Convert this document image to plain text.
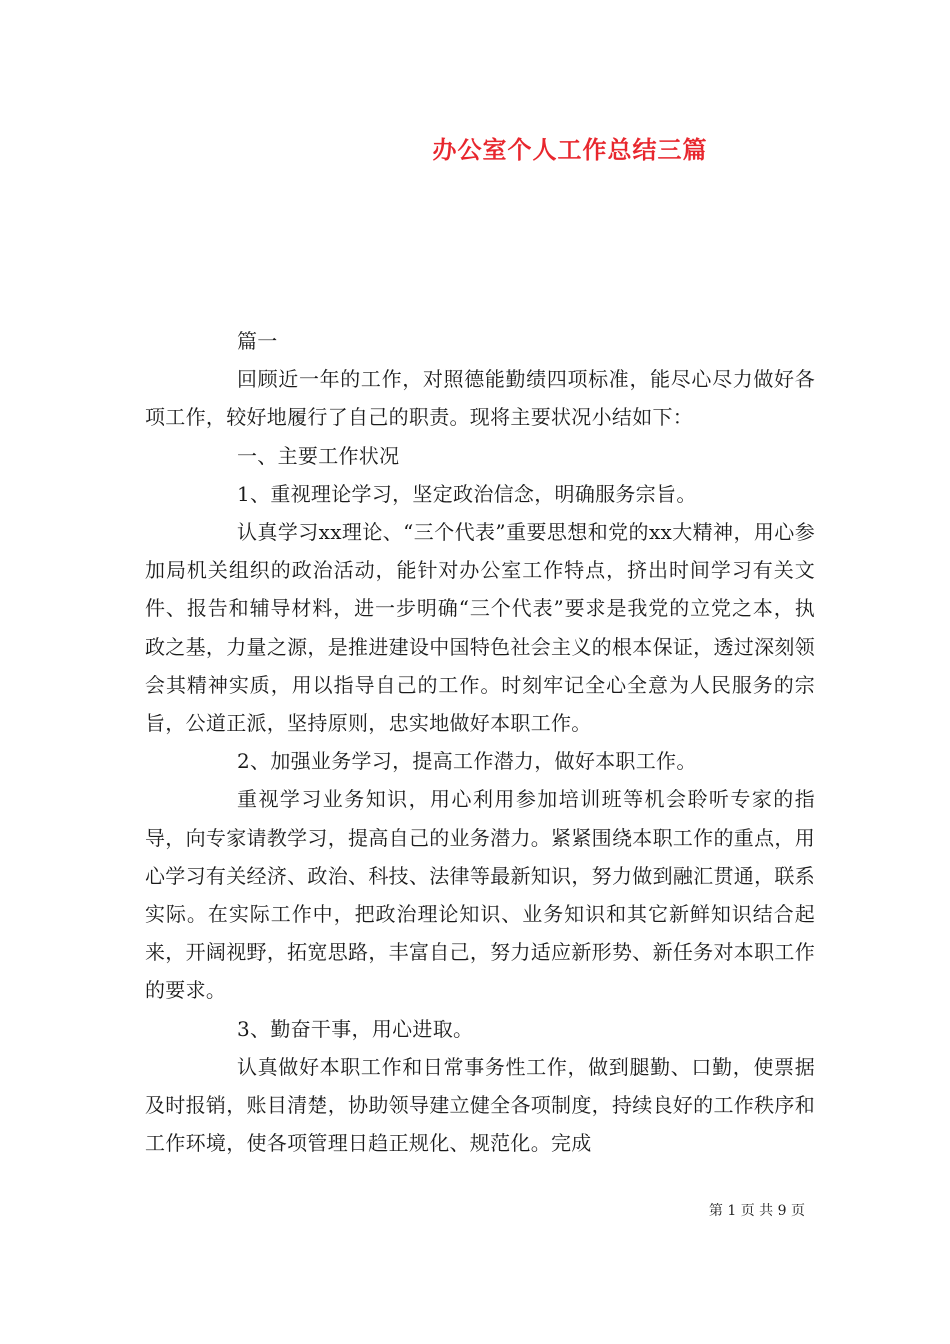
办公室个人工作总结三篇

篇一

回顾近一年的工作，对照德能勤绩四项标准，能尽心尽力做好各项工作，较好地履行了自己的职责。现将主要状况小结如下：

一、主要工作状况

1、重视理论学习，坚定政治信念，明确服务宗旨。

认真学习xx理论、“三个代表”重要思想和党的xx大精神，用心参加局机关组织的政治活动，能针对办公室工作特点，挤出时间学习有关文件、报告和辅导材料，进一步明确“三个代表”要求是我党的立党之本，执政之基，力量之源，是推进建设中国特色社会主义的根本保证，透过深刻领会其精神实质，用以指导自己的工作。时刻牢记全心全意为人民服务的宗旨，公道正派，坚持原则，忠实地做好本职工作。

2、加强业务学习，提高工作潜力，做好本职工作。

重视学习业务知识，用心利用参加培训班等机会聆听专家的指导，向专家请教学习，提高自己的业务潜力。紧紧围绕本职工作的重点，用心学习有关经济、政治、科技、法律等最新知识，努力做到融汇贯通，联系实际。在实际工作中，把政治理论知识、业务知识和其它新鲜知识结合起来，开阔视野，拓宽思路，丰富自己，努力适应新形势、新任务对本职工作的要求。

3、勤奋干事，用心进取。

认真做好本职工作和日常事务性工作，做到腿勤、口勤，使票据及时报销，账目清楚，协助领导建立健全各项制度，持续良好的工作秩序和工作环境，使各项管理日趋正规化、规范化。完成

第 1 页 共 9 页
